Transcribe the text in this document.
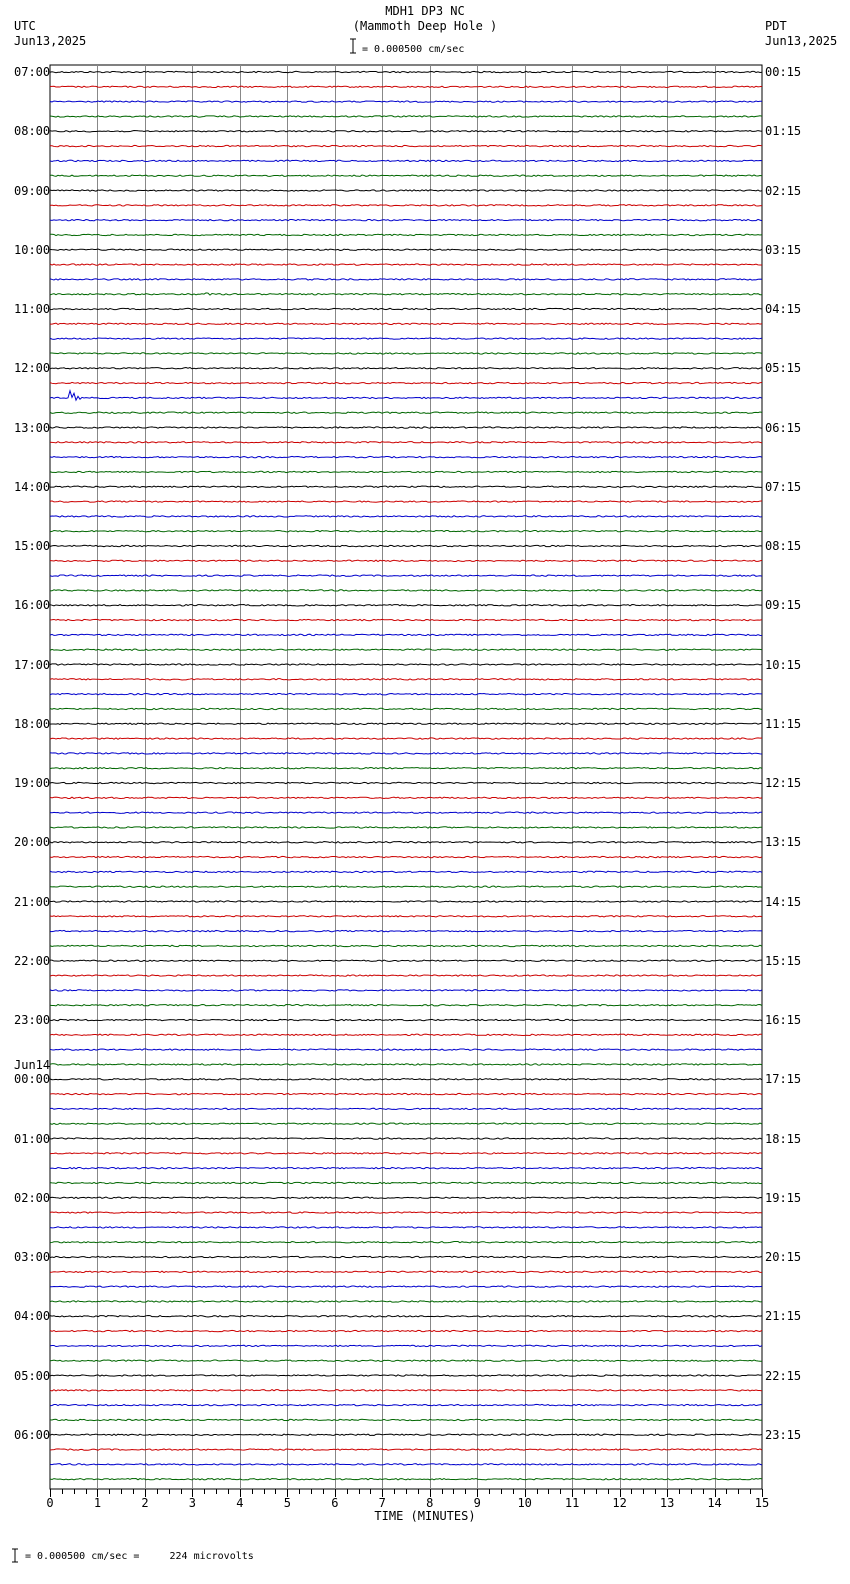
MDH1 DP3 NC
(Mammoth Deep Hole )
= 0.000500 cm/sec
UTC
Jun13,2025
PDT
Jun13,2025
07:00
08:00
09:00
10:00
11:00
12:00
13:00
14:00
15:00
16:00
17:00
18:00
19:00
20:00
21:00
22:00
23:00
Jun14
00:00
01:00
02:00
03:00
04:00
05:00
06:00
00:15
01:15
02:15
03:15
04:15
05:15
06:15
07:15
08:15
09:15
10:15
11:15
12:15
13:15
14:15
15:15
16:15
17:15
18:15
19:15
20:15
21:15
22:15
23:15
0	1	2	3	4	5	6	7	8	9	10	11	12	13	14	15
TIME (MINUTES)
= 0.000500 cm/sec =     224 microvolts
